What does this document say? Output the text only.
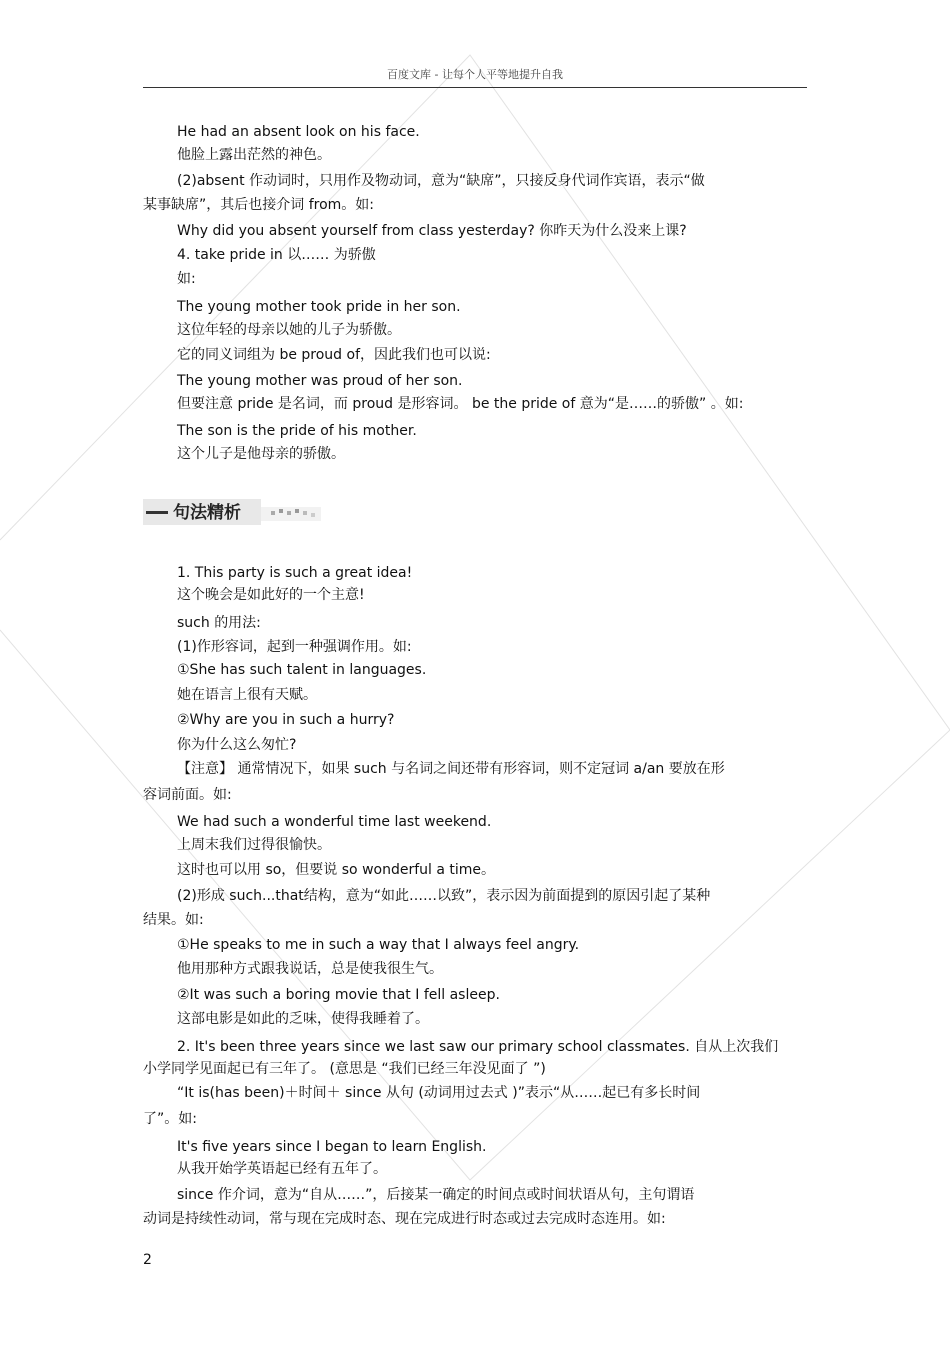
百度文库 - 让每个人平等地提升自我
He had an absent look on his face.
他脸上露出茫然的神色。
(2)absent 作动词时，只用作及物动词，意为“缺席”，只接反身代词作宾语，表示“做
某事缺席”，其后也接介词 from。如:
Why did you absent yourself from class yesterday? 你昨天为什么没来上课?
4. take pride in 以…… 为骄傲
如:
The young mother took pride in her son.
这位年轻的母亲以她的儿子为骄傲。
它的同义词组为 be proud of，因此我们也可以说:
The young mother was proud of her son.
但要注意 pride 是名词，而 proud 是形容词。 be the pride of 意为“是……的骄傲” 。如:
The son is the pride of his mother.
这个儿子是他母亲的骄傲。
句法精析
1. This party is such a great idea!
这个晚会是如此好的一个主意!
such 的用法:
(1)作形容词，起到一种强调作用。如:
①She has such talent in languages.
她在语言上很有天赋。
②Why are you in such a hurry?
你为什么这么匆忙?
【注意】 通常情况下，如果 such 与名词之间还带有形容词，则不定冠词 a/an 要放在形
容词前面。如:
We had such a wonderful time last weekend.
上周末我们过得很愉快。
这时也可以用 so，但要说 so wonderful a time。
(2)形成 such...that结构，意为“如此……以致”，表示因为前面提到的原因引起了某种
结果。如:
①He speaks to me in such a way that I always feel angry.
他用那种方式跟我说话，总是使我很生气。
②It was such a boring movie that I fell asleep.
这部电影是如此的乏味，使得我睡着了。
2. It's been three years since we last saw our primary school classmates. 自从上次我们
小学同学见面起已有三年了。 (意思是 “我们已经三年没见面了 ”)
“It is(has been)＋时间＋ since 从句 (动词用过去式 )”表示“从……起已有多长时间
了”。如:
It's five years since I began to learn English.
从我开始学英语起已经有五年了。
since 作介词，意为“自从……”，后接某一确定的时间点或时间状语从句，主句谓语
动词是持续性动词，常与现在完成时态、现在完成进行时态或过去完成时态连用。如:
2
